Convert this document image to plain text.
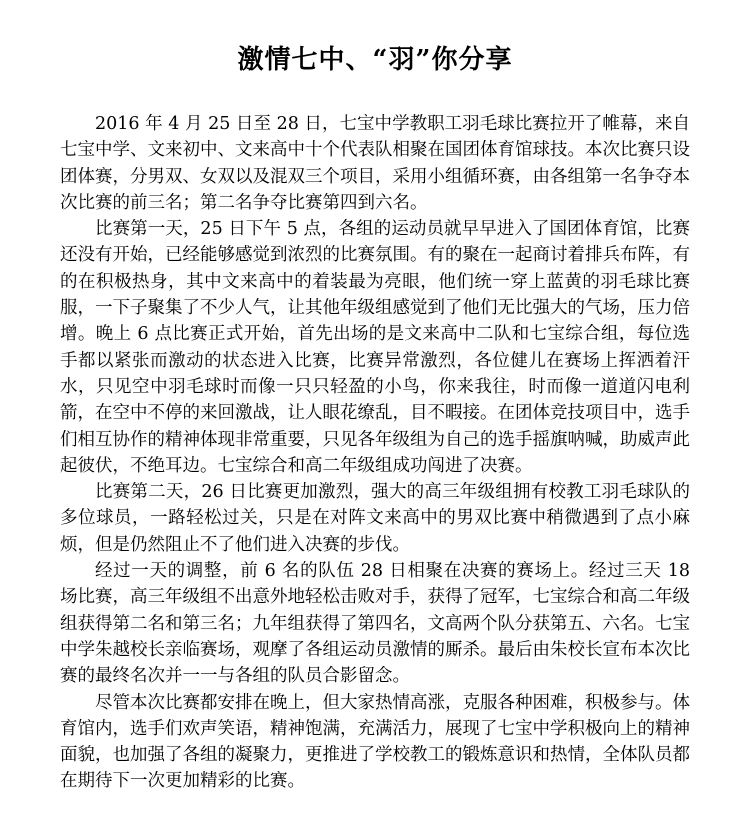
激情七中、“羽”你分享

2016 年 4 月 25 日至 28 日，七宝中学教职工羽毛球比赛拉开了帷幕，来自七宝中学、文来初中、文来高中十个代表队相聚在国团体育馆球技。本次比赛只设团体赛，分男双、女双以及混双三个项目，采用小组循环赛，由各组第一名争夺本次比赛的前三名；第二名争夺比赛第四到六名。

比赛第一天，25 日下午 5 点，各组的运动员就早早进入了国团体育馆，比赛还没有开始，已经能够感觉到浓烈的比赛氛围。有的聚在一起商讨着排兵布阵，有的在积极热身，其中文来高中的着装最为亮眼，他们统一穿上蓝黄的羽毛球比赛服，一下子聚集了不少人气，让其他年级组感觉到了他们无比强大的气场，压力倍增。晚上 6 点比赛正式开始，首先出场的是文来高中二队和七宝综合组，每位选手都以紧张而激动的状态进入比赛，比赛异常激烈，各位健儿在赛场上挥洒着汗水，只见空中羽毛球时而像一只只轻盈的小鸟，你来我往，时而像一道道闪电利箭，在空中不停的来回激战，让人眼花缭乱，目不暇接。在团体竞技项目中，选手们相互协作的精神体现非常重要，只见各年级组为自己的选手摇旗呐喊，助威声此起彼伏，不绝耳边。七宝综合和高二年级组成功闯进了决赛。

比赛第二天，26 日比赛更加激烈，强大的高三年级组拥有校教工羽毛球队的多位球员，一路轻松过关，只是在对阵文来高中的男双比赛中稍微遇到了点小麻烦，但是仍然阻止不了他们进入决赛的步伐。

经过一天的调整，前 6 名的队伍 28 日相聚在决赛的赛场上。经过三天 18 场比赛，高三年级组不出意外地轻松击败对手，获得了冠军，七宝综合和高二年级组获得第二名和第三名；九年组获得了第四名，文高两个队分获第五、六名。七宝中学朱越校长亲临赛场，观摩了各组运动员激情的厮杀。最后由朱校长宣布本次比赛的最终名次并一一与各组的队员合影留念。

尽管本次比赛都安排在晚上，但大家热情高涨，克服各种困难，积极参与。体育馆内，选手们欢声笑语，精神饱满，充满活力，展现了七宝中学积极向上的精神面貌，也加强了各组的凝聚力，更推进了学校教工的锻炼意识和热情，全体队员都在期待下一次更加精彩的比赛。
